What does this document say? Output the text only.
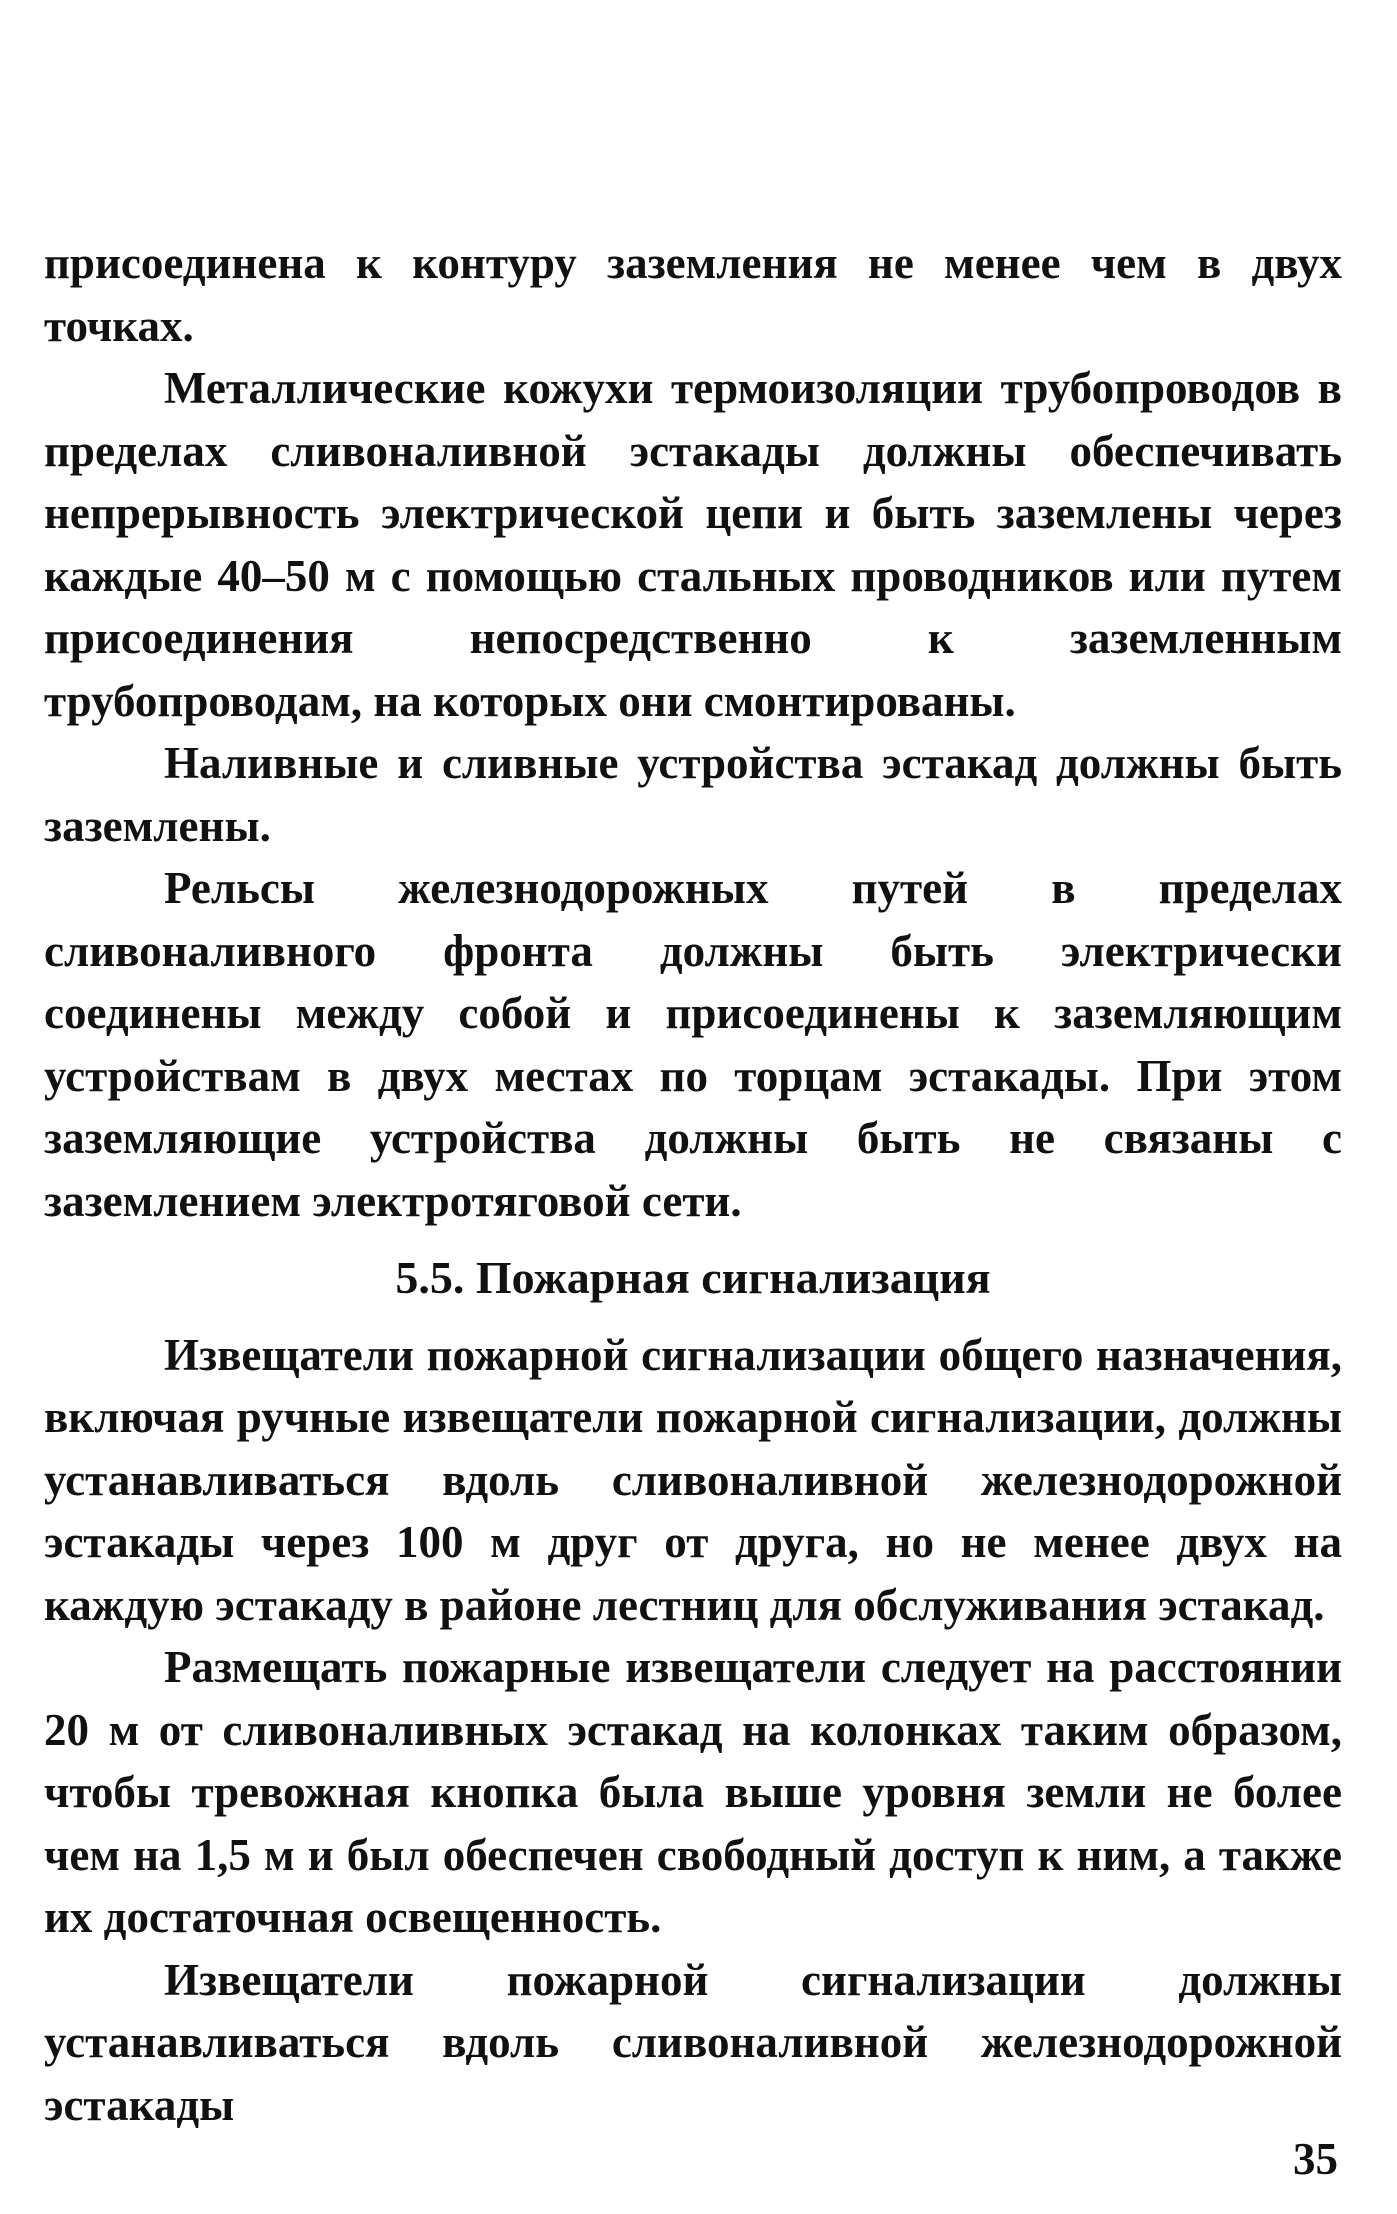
присоединена к контуру заземления не менее чем в двух точках.

Металлические кожухи термоизоляции трубопроводов в пределах сливоналивной эстакады должны обеспечивать непрерывность электрической цепи и быть заземлены через каждые 40–50 м с помощью стальных проводников или путем присоединения непосредственно к заземленным трубопроводам, на которых они смонтированы.

Наливные и сливные устройства эстакад должны быть заземлены.

Рельсы железнодорожных путей в пределах сливоналивного фронта должны быть электрически соединены между собой и присоединены к заземляющим устройствам в двух местах по торцам эстакады. При этом заземляющие устройства должны быть не связаны с заземлением электротяговой сети.

5.5. Пожарная сигнализация

Извещатели пожарной сигнализации общего назначения, включая ручные извещатели пожарной сигнализации, должны устанавливаться вдоль сливоналивной железнодорожной эстакады через 100 м друг от друга, но не менее двух на каждую эстакаду в районе лестниц для обслуживания эстакад.

Размещать пожарные извещатели следует на расстоянии 20 м от сливоналивных эстакад на колонках таким образом, чтобы тревожная кнопка была выше уровня земли не более чем на 1,5 м и был обеспечен свободный доступ к ним, а также их достаточная освещенность.

Извещатели пожарной сигнализации должны устанавливаться вдоль сливоналивной железнодорожной эстакады

35
